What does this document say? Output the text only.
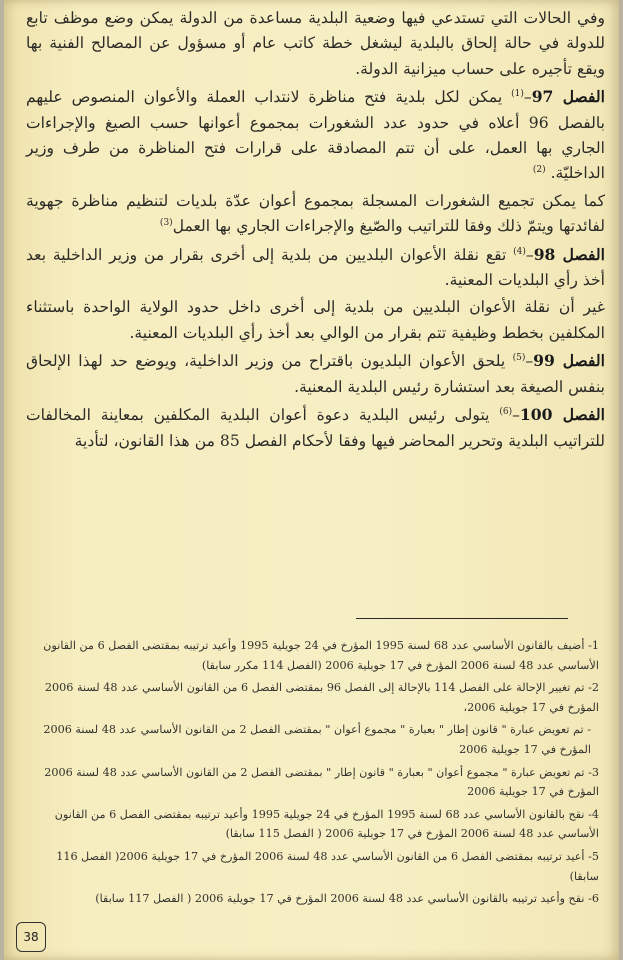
وفي الحالات التي تستدعي فيها وضعية البلدية مساعدة من الدولة يمكن وضع موظف تابع للدولة في حالة إلحاق بالبلدية ليشغل خطة كاتب عام أو مسؤول عن المصالح الفنية بها ويقع تأجيره على حساب ميزانية الدولة.

الفصل 97–$^{(1)}$ يمكن لكل بلدية فتح مناظرة لانتداب العملة والأعوان المنصوص عليهم بالفصل 96 أعلاه في حدود عدد الشغورات بمجموع أعوانها حسب الصيغ والإجراءات الجاري بها العمل، على أن تتم المصادقة على قرارات فتح المناظرة من طرف وزير الداخليّة. $^{(2)}$

كما يمكن تجميع الشغورات المسجلة بمجموع أعوان عدّة بلديات لتنظيم مناظرة جهوية لفائدتها ويتمّ ذلك وفقا للتراتيب والصّيغ والإجراءات الجاري بها العمل$^{(3)}$

الفصل 98–$^{(4)}$ تقع نقلة الأعوان البلديين من بلدية إلى أخرى بقرار من وزير الداخلية بعد أخذ رأي البلديات المعنية.

غير أن نقلة الأعوان البلديين من بلدية إلى أخرى داخل حدود الولاية الواحدة باستثناء المكلفين بخطط وظيفية تتم بقرار من الوالي بعد أخذ رأي البلديات المعنية.

الفصل 99–$^{(5)}$ يلحق الأعوان البلديون باقتراح من وزير الداخلية، ويوضع حد لهذا الإلحاق بنفس الصيغة بعد استشارة رئيس البلدية المعنية.

الفصل 100–$^{(6)}$ يتولى رئيس البلدية دعوة أعوان البلدية المكلفين بمعاينة المخالفات للتراتيب البلدية وتحرير المحاضر فيها وفقا لأحكام الفصل 85 من هذا القانون، لتأدية

1- أضيف بالقانون الأساسي عدد 68 لسنة 1995 المؤرخ في 24 جويلية 1995 وأعيد ترتيبه بمقتضى الفصل 6 من القانون الأساسي عدد 48 لسنة 2006 المؤرخ في 17 جويلية 2006 (الفصل 114 مكرر سابقا)

2- تم تغيير الإحالة على الفصل 114 بالإحالة إلى الفصل 96 بمقتضى الفصل 6 من القانون الأساسي عدد 48 لسنة 2006 المؤرخ في 17 جويلية 2006،

- تم تعويض عبارة " قانون إطار " بعبارة " مجموع أعوان " بمقتضى الفصل 2 من القانون الأساسي عدد 48 لسنة 2006 المؤرخ في 17 جويلية 2006

3- تم تعويض عبارة " مجموع أعوان " بعبارة " قانون إطار " بمقتضى الفصل 2 من القانون الأساسي عدد 48 لسنة 2006 المؤرخ في 17 جويلية 2006

4- نقح بالقانون الأساسي عدد 68 لسنة 1995 المؤرخ في 24 جويلية 1995 وأعيد ترتيبه بمقتضى الفصل 6 من القانون الأساسي عدد 48 لسنة 2006 المؤرخ في 17 جويلية 2006 ( الفصل 115 سابقا)

5- أعيد ترتيبه بمقتضى الفصل 6 من القانون الأساسي عدد 48 لسنة 2006 المؤرخ في 17 جويلية 2006( الفصل 116 سابقا)

6- نقح وأعيد ترتيبه بالقانون الأساسي عدد 48 لسنة 2006 المؤرخ في 17 جويلية 2006 ( الفصل 117 سابقا)

38
